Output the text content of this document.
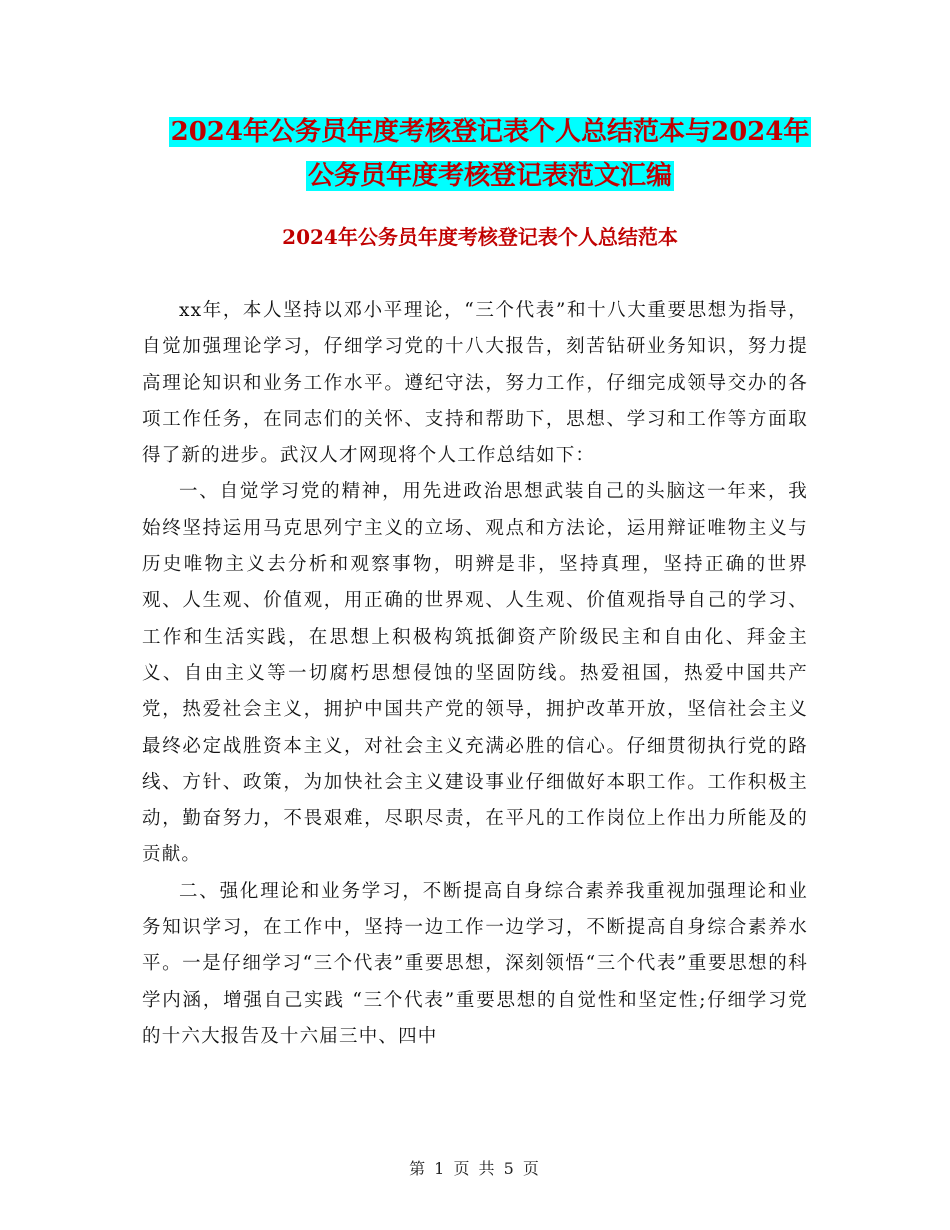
2024年公务员年度考核登记表个人总结范本与2024年
公务员年度考核登记表范文汇编
2024年公务员年度考核登记表个人总结范本

xx年，本人坚持以邓小平理论，“三个代表”和十八大重要思想为指导，自觉加强理论学习，仔细学习党的十八大报告，刻苦钻研业务知识，努力提高理论知识和业务工作水平。遵纪守法，努力工作，仔细完成领导交办的各项工作任务，在同志们的关怀、支持和帮助下，思想、学习和工作等方面取得了新的进步。武汉人才网现将个人工作总结如下：

一、自觉学习党的精神，用先进政治思想武装自己的头脑这一年来，我始终坚持运用马克思列宁主义的立场、观点和方法论，运用辩证唯物主义与历史唯物主义去分析和观察事物，明辨是非，坚持真理，坚持正确的世界观、人生观、价值观，用正确的世界观、人生观、价值观指导自己的学习、工作和生活实践，在思想上积极构筑抵御资产阶级民主和自由化、拜金主义、自由主义等一切腐朽思想侵蚀的坚固防线。热爱祖国，热爱中国共产党，热爱社会主义，拥护中国共产党的领导，拥护改革开放，坚信社会主义最终必定战胜资本主义，对社会主义充满必胜的信心。仔细贯彻执行党的路线、方针、政策，为加快社会主义建设事业仔细做好本职工作。工作积极主动，勤奋努力，不畏艰难，尽职尽责，在平凡的工作岗位上作出力所能及的贡献。

二、强化理论和业务学习，不断提高自身综合素养我重视加强理论和业务知识学习，在工作中，坚持一边工作一边学习，不断提高自身综合素养水平。一是仔细学习“三个代表”重要思想，深刻领悟“三个代表”重要思想的科学内涵，增强自己实践 “三个代表”重要思想的自觉性和坚定性;仔细学习党的十六大报告及十六届三中、四中

第 1 页 共 5 页
